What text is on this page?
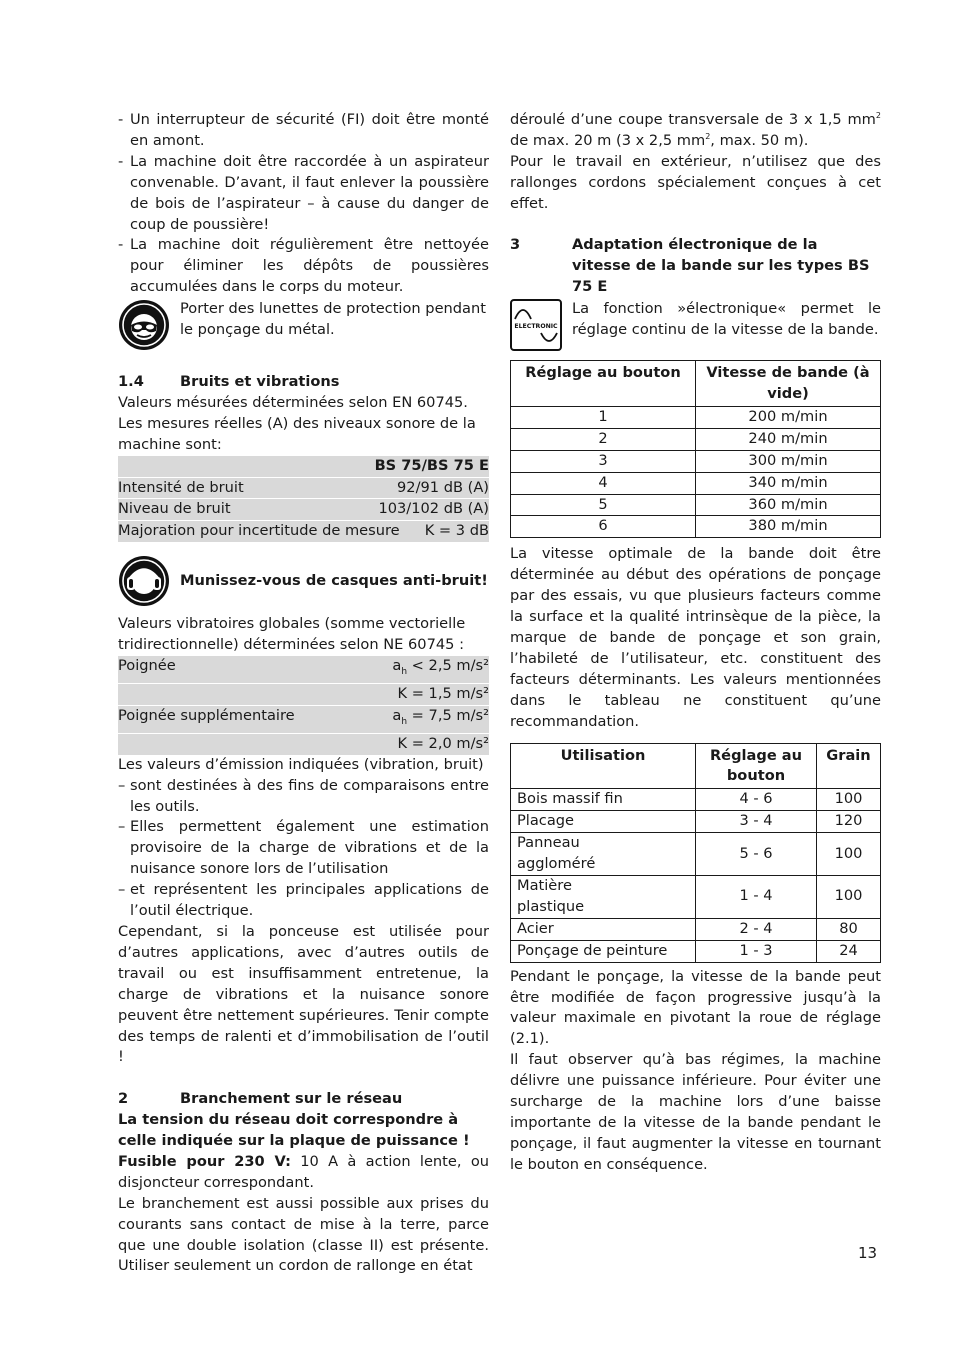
- Un interrupteur de sécurité (FI) doit être monté en amont.
- La machine doit être raccordée à un aspirateur convenable. D’avant, il faut enlever la poussière de bois de l’aspirateur – à cause du danger de coup de poussière!
- La machine doit régulièrement être nettoyée pour éliminer les dépôts de poussières accumulées dans le corps du moteur.

Porter des lunettes de protection pendant le ponçage du métal.

1.4	Bruits et vibrations

Valeurs mésurées déterminées selon EN 60745. Les mesures réelles (A) des niveaux sonore de la machine sont:

BS 75/BS 75 E
Intensité de bruit	92/91 dB (A)
Niveau de bruit	103/102 dB (A)
Majoration pour incertitude de mesure K = 3 dB

Munissez-vous de casques anti-bruit!

Valeurs vibratoires globales (somme vectorielle tridirectionnelle) déterminées selon NE 60745 :

Poignée	$a_h < 2,5$ m/s²
K = 1,5 m/s²
Poignée supplémentaire	$a_h = 7,5$ m/s²
K = 2,0 m/s²

Les valeurs d’émission indiquées (vibration, bruit)

– sont destinées à des fins de comparaisons entre les outils.
– Elles permettent également une estimation provisoire de la charge de vibrations et de la nuisance sonore lors de l’utilisation
– et représentent les principales applications de l’outil électrique.

Cependant, si la ponceuse est utilisée pour d’autres applications, avec d’autres outils de travail ou est insuffisamment entretenue, la charge de vibrations et la nuisance sonore peuvent être nettement supérieures. Tenir compte des temps de ralenti et d’immobilisation de l’outil !

2	Branchement sur le réseau

La tension du réseau doit correspondre à celle indiquée sur la plaque de puissance !

Fusible pour 230 V: 10 A à action lente, ou disjoncteur correspondant.

Le branchement est aussi possible aux prises du courants sans contact de mise à la terre, parce que une double isolation (classe II) est présente. Utiliser seulement un cordon de rallonge en état

déroulé d’une coupe transversale de 3 x 1,5 $mm^2$ de max. 20 m (3 x 2,5 $mm^2$, max. 50 m).

Pour le travail en extérieur, n’utilisez que des rallonges cordons spécialement conçues à cet effet.

3	Adaptation électronique de la vitesse de la bande sur les types BS 75 E
ELECTRONIC

La fonction »électronique« permet le réglage continu de la vitesse de la bande.

Réglage au bouton	Vitesse de bande (à vide)
1	200 m/min
2	240 m/min
3	300 m/min
4	340 m/min
5	360 m/min
6	380 m/min

La vitesse optimale de la bande doit être déterminée au début des opérations de ponçage par des essais, vu que plusieurs facteurs comme la surface et la qualité intrinsèque de la pièce, la marque de bande de ponçage et son grain, l’habileté de l’utilisateur, etc. constituent des facteurs déterminants. Les valeurs mentionnées dans le tableau ne constituent qu’une recommandation.

Utilisation	Réglage au bouton	Grain
Bois massif fin	4 - 6	100
Placage	3 - 4	120
Panneau aggloméré	5 - 6	100
Matière plastique	1 - 4	100
Acier	2 - 4	80
Ponçage de peinture	1 - 3	24

Pendant le ponçage, la vitesse de la bande peut être modifiée de façon progressive jusqu’à la valeur maximale en pivotant la roue de réglage (2.1).

Il faut observer qu’à bas régimes, la machine délivre une puissance inférieure. Pour éviter une surcharge de la machine lors d’une baisse importante de la vitesse de la bande pendant le ponçage, il faut augmenter la vitesse en tournant le bouton en conséquence.

13
